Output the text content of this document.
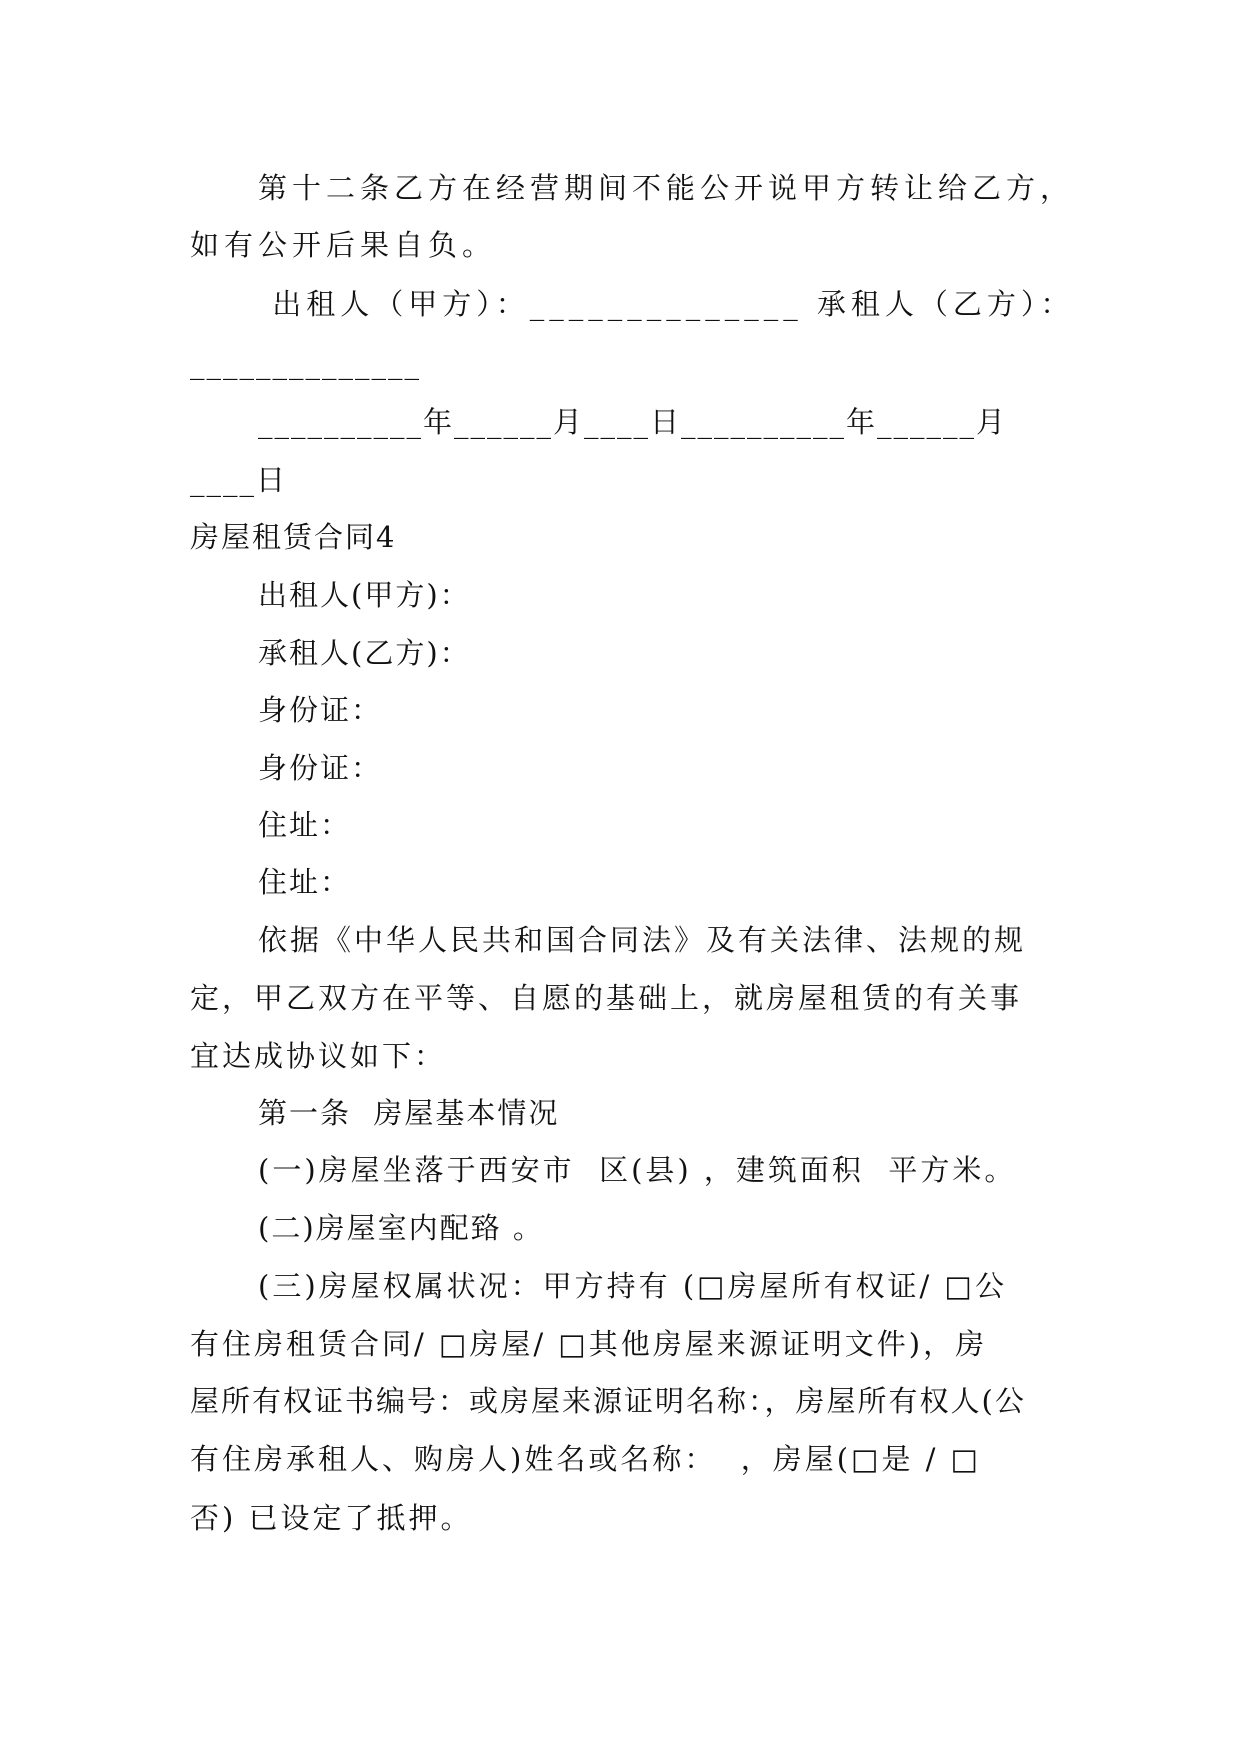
第十二条乙方在经营期间不能公开说甲方转让给乙方，
如有公开后果自负。
出租人（甲方）：______________ 承租人（乙方）：
______________
__________年______月____日__________年______月
____日
房屋租赁合同4
出租人(甲方)：
承租人(乙方)：
身份证：
身份证：
住址：
住址：
依据《中华人民共和国合同法》及有关法律、法规的规
定，甲乙双方在平等、自愿的基础上，就房屋租赁的有关事
宜达成协议如下：
第一条  房屋基本情况
(一)房屋坐落于西安市  区(县) ，建筑面积  平方米。
(二)房屋室内配臵 。
(三)房屋权属状况：甲方持有 (□房屋所有权证/ □公
有住房租赁合同/ □房屋/ □其他房屋来源证明文件)，房
屋所有权证书编号：或房屋来源证明名称：，房屋所有权人(公
有住房承租人、购房人)姓名或名称：  ，房屋(□是 / □
否) 已设定了抵押。
